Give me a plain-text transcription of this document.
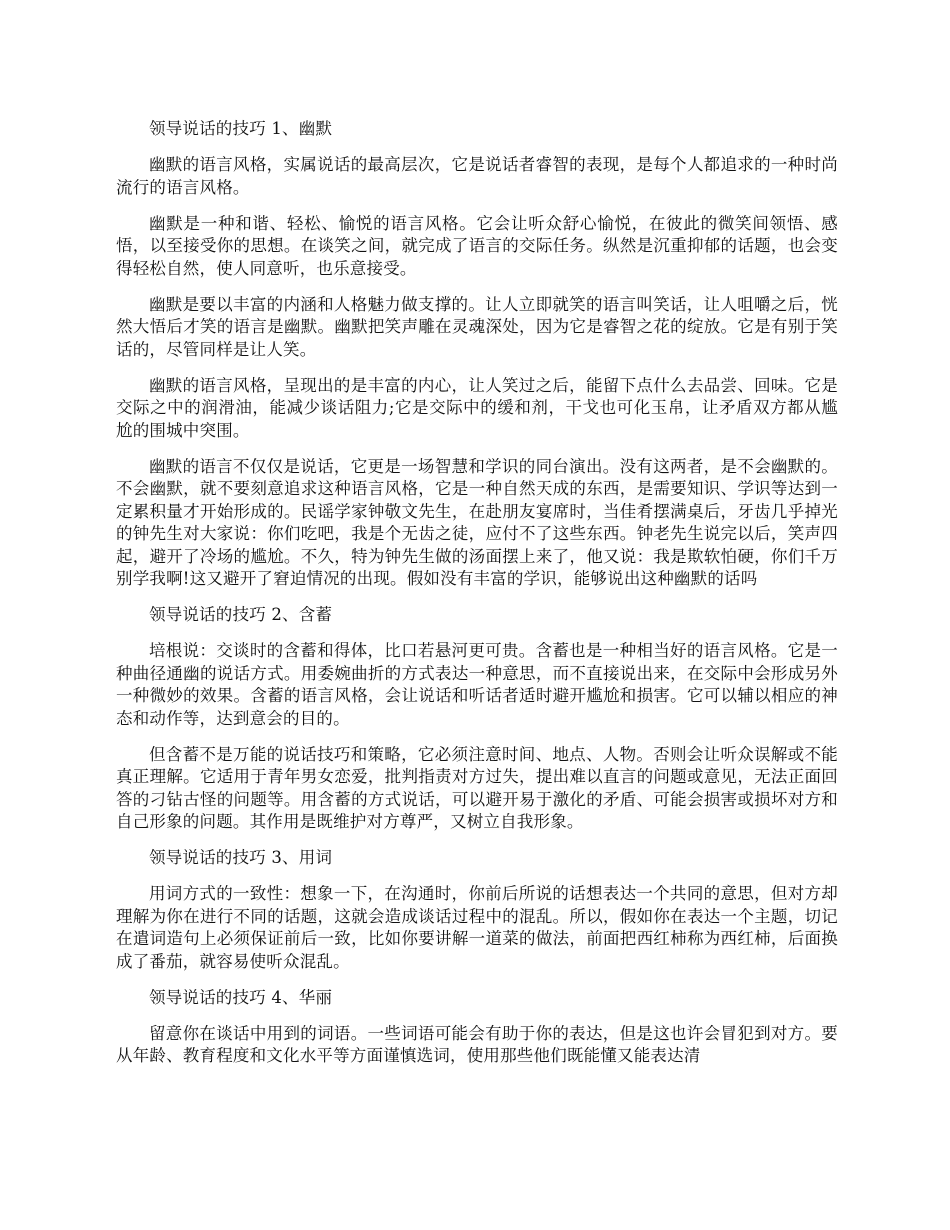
领导说话的技巧 1、幽默

幽默的语言风格，实属说话的最高层次，它是说话者睿智的表现，是每个人都追求的一种时尚流行的语言风格。

幽默是一种和谐、轻松、愉悦的语言风格。它会让听众舒心愉悦，在彼此的微笑间领悟、感悟，以至接受你的思想。在谈笑之间，就完成了语言的交际任务。纵然是沉重抑郁的话题，也会变得轻松自然，使人同意听，也乐意接受。

幽默是要以丰富的内涵和人格魅力做支撑的。让人立即就笑的语言叫笑话，让人咀嚼之后，恍然大悟后才笑的语言是幽默。幽默把笑声雕在灵魂深处，因为它是睿智之花的绽放。它是有别于笑话的，尽管同样是让人笑。

幽默的语言风格，呈现出的是丰富的内心，让人笑过之后，能留下点什么去品尝、回味。它是交际之中的润滑油，能减少谈话阻力;它是交际中的缓和剂，干戈也可化玉帛，让矛盾双方都从尴尬的围城中突围。

幽默的语言不仅仅是说话，它更是一场智慧和学识的同台演出。没有这两者，是不会幽默的。不会幽默，就不要刻意追求这种语言风格，它是一种自然天成的东西，是需要知识、学识等达到一定累积量才开始形成的。民谣学家钟敬文先生，在赴朋友宴席时，当佳肴摆满桌后，牙齿几乎掉光的钟先生对大家说：你们吃吧，我是个无齿之徒，应付不了这些东西。钟老先生说完以后，笑声四起，避开了冷场的尴尬。不久，特为钟先生做的汤面摆上来了，他又说：我是欺软怕硬，你们千万别学我啊!这又避开了窘迫情况的出现。假如没有丰富的学识，能够说出这种幽默的话吗

领导说话的技巧 2、含蓄

培根说：交谈时的含蓄和得体，比口若悬河更可贵。含蓄也是一种相当好的语言风格。它是一种曲径通幽的说话方式。用委婉曲折的方式表达一种意思，而不直接说出来，在交际中会形成另外一种微妙的效果。含蓄的语言风格，会让说话和听话者适时避开尴尬和损害。它可以辅以相应的神态和动作等，达到意会的目的。

但含蓄不是万能的说话技巧和策略，它必须注意时间、地点、人物。否则会让听众误解或不能真正理解。它适用于青年男女恋爱，批判指责对方过失，提出难以直言的问题或意见，无法正面回答的刁钻古怪的问题等。用含蓄的方式说话，可以避开易于激化的矛盾、可能会损害或损坏对方和自己形象的问题。其作用是既维护对方尊严，又树立自我形象。

领导说话的技巧 3、用词

用词方式的一致性：想象一下，在沟通时，你前后所说的话想表达一个共同的意思，但对方却理解为你在进行不同的话题，这就会造成谈话过程中的混乱。所以，假如你在表达一个主题，切记在遣词造句上必须保证前后一致，比如你要讲解一道菜的做法，前面把西红柿称为西红柿，后面换成了番茄，就容易使听众混乱。

领导说话的技巧 4、华丽

留意你在谈话中用到的词语。一些词语可能会有助于你的表达，但是这也许会冒犯到对方。要从年龄、教育程度和文化水平等方面谨慎选词，使用那些他们既能懂又能表达清
